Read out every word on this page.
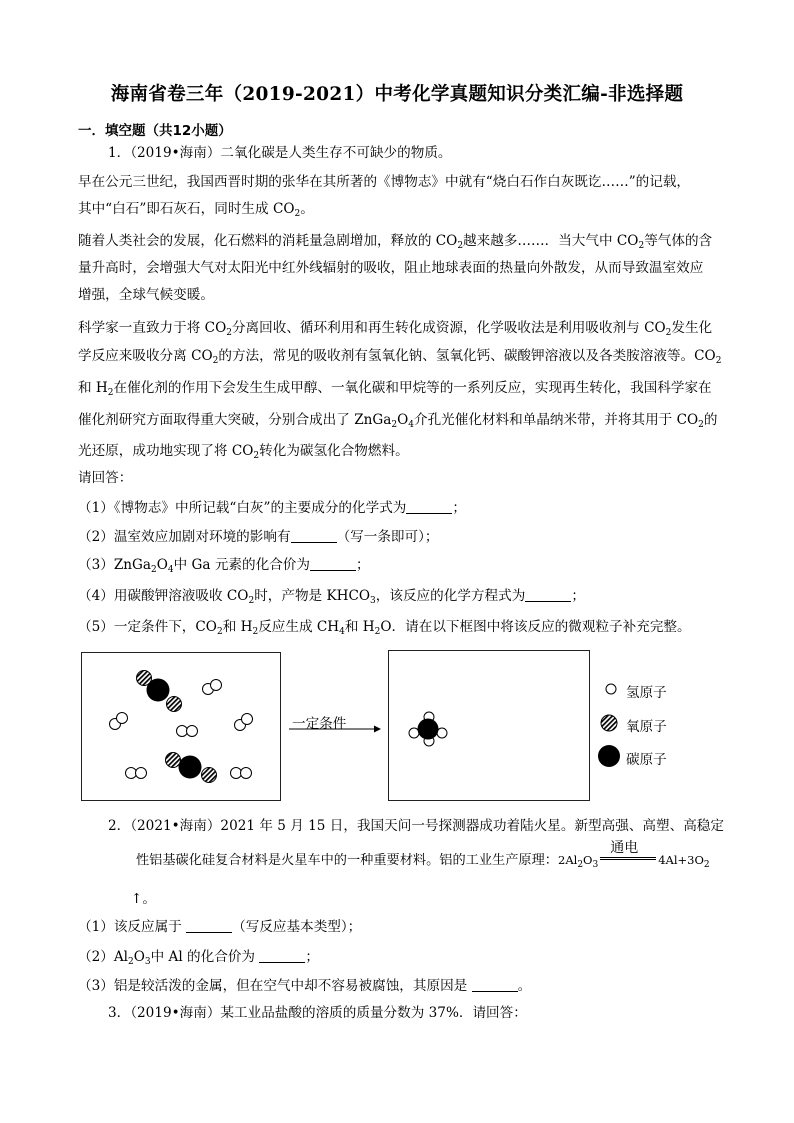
海南省卷三年（2019-2021）中考化学真题知识分类汇编-非选择题
一．填空题（共12小题）
1．（2019•海南）二氧化碳是人类生存不可缺少的物质。
早在公元三世纪，我国西晋时期的张华在其所著的《博物志》中就有“烧白石作白灰既讫……”的记载，
其中“白石”即石灰石，同时生成 $CO_2$。
随着人类社会的发展，化石燃料的消耗量急剧增加，释放的 $CO_2$越来越多……．当大气中 $CO_2$等气体的含
量升高时，会增强大气对太阳光中红外线辐射的吸收，阻止地球表面的热量向外散发，从而导致温室效应
增强，全球气候变暖。
科学家一直致力于将 $CO_2$分离回收、循环利用和再生转化成资源，化学吸收法是利用吸收剂与 $CO_2$发生化
学反应来吸收分离 $CO_2$的方法，常见的吸收剂有氢氧化钠、氢氧化钙、碳酸钾溶液以及各类胺溶液等。$CO_2$
和 $H_2$在催化剂的作用下会发生生成甲醇、一氧化碳和甲烷等的一系列反应，实现再生转化，我国科学家在
催化剂研究方面取得重大突破，分别合成出了 $ZnGa_2O_4$介孔光催化材料和单晶纳米带，并将其用于 $CO_2$的
光还原，成功地实现了将 $CO_2$转化为碳氢化合物燃料。
请回答：
（1）《博物志》中所记载“白灰”的主要成分的化学式为	；
（2）温室效应加剧对环境的影响有	（写一条即可）；
$(3)ZnGa_2O_4$中 Ga 元素的化合价为	；
（4）用碳酸钾溶液吸收 $CO_2$时，产物是 $KHCO_3$，该反应的化学方程式为	；
（5）一定条件下，$CO_2$和 $H_2$反应生成 $CH_4$和 $H_2O$．请在以下框图中将该反应的微观粒子补充完整。
一定条件
氢原子
氧原子
碳原子
2．（2021•海南）2021 年 5 月 15 日，我国天问一号探测器成功着陆火星。新型高强、高塑、高稳定
性铝基碳化硅复合材料是火星车中的一种重要材料。铝的工业生产原理：$2Al_2O_3$
通电
$4Al+3O_2$
↑。
（1）该反应属于	（写反应基本类型）；
$(2)Al_2O_3$中 Al 的化合价为	；
（3）铝是较活泼的金属，但在空气中却不容易被腐蚀，其原因是	。
3．（2019•海南）某工业品盐酸的溶质的质量分数为 37%．请回答：
